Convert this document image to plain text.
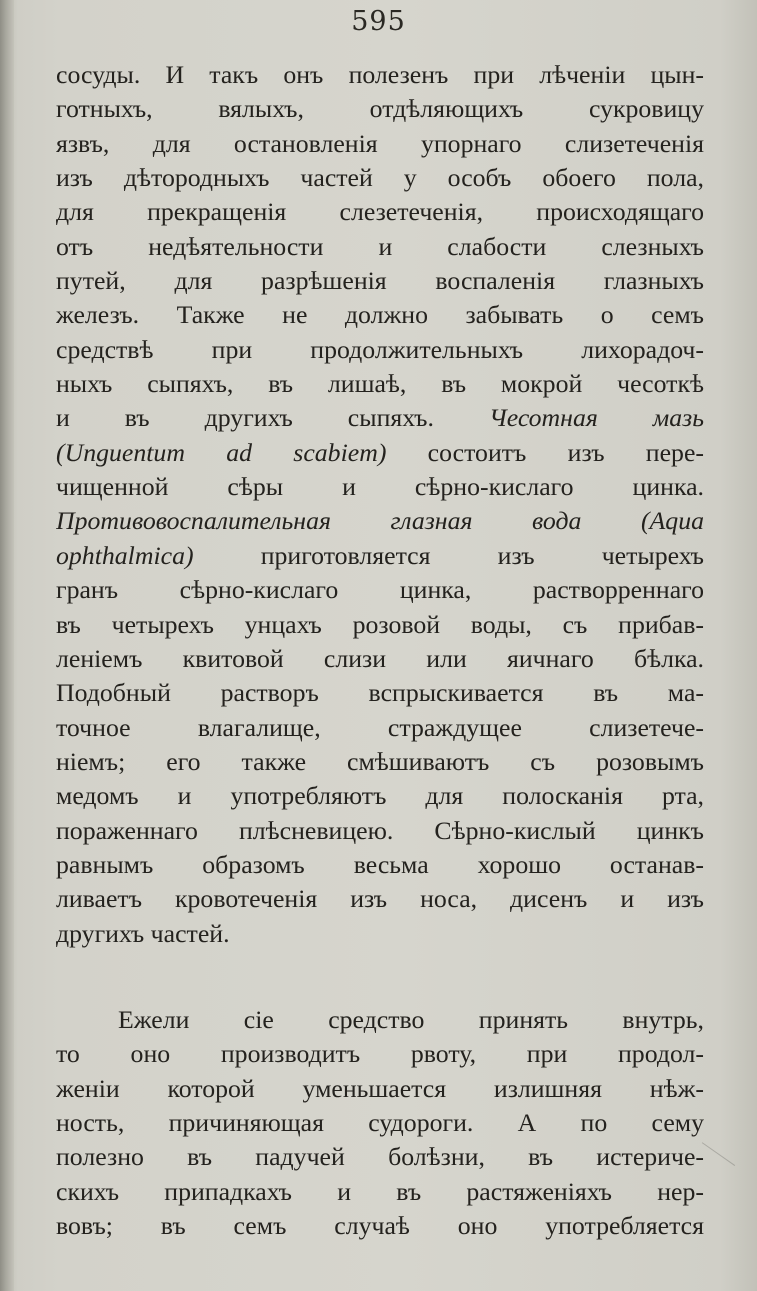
595
сосуды. И такъ онъ полезенъ при лѣченіи цын-
готныхъ, вялыхъ, отдѣляющихъ сукровицу
язвъ, для остановленія упорнаго слизетеченія
изъ дѣтородныхъ частей у особъ обоего пола,
для прекращенія слезетеченія, происходящаго
отъ недѣятельности и слабости слезныхъ
путей, для разрѣшенія воспаленія глазныхъ
железъ. Также не должно забывать о семъ
средствѣ при продолжительныхъ лихорадоч-
ныхъ сыпяхъ, въ лишаѣ, въ мокрой чесоткѣ
и въ другихъ сыпяхъ. Чесотная мазь
(Unguentum ad scabiem) состоитъ изъ пере-
чищенной сѣры и сѣрно-кислаго цинка.
Противовоспалительная глазная вода (Aqua
ophthalmica) приготовляется изъ четырехъ
гранъ сѣрно-кислаго цинка, растворреннаго
въ четырехъ унцахъ розовой воды, съ прибав-
леніемъ квитовой слизи или яичнаго бѣлка.
Подобный растворъ вспрыскивается въ ма-
точное влагалище, страждущее слизетече-
ніемъ; его также смѣшиваютъ съ розовымъ
медомъ и употребляютъ для полосканія рта,
пораженнаго плѣсневицею. Сѣрно-кислый цинкъ
равнымъ образомъ весьма хорошо останав-
ливаетъ кровотеченія изъ носа, дисенъ и изъ
другихъ частей.
Ежели сіе средство принять внутрь,
то оно производитъ рвоту, при продол-
женіи которой уменьшается излишняя нѣж-
ность, причиняющая судороги. А по сему
полезно въ падучей болѣзни, въ истериче-
скихъ припадкахъ и въ растяженіяхъ нер-
вовъ; въ семъ случаѣ оно употребляется
